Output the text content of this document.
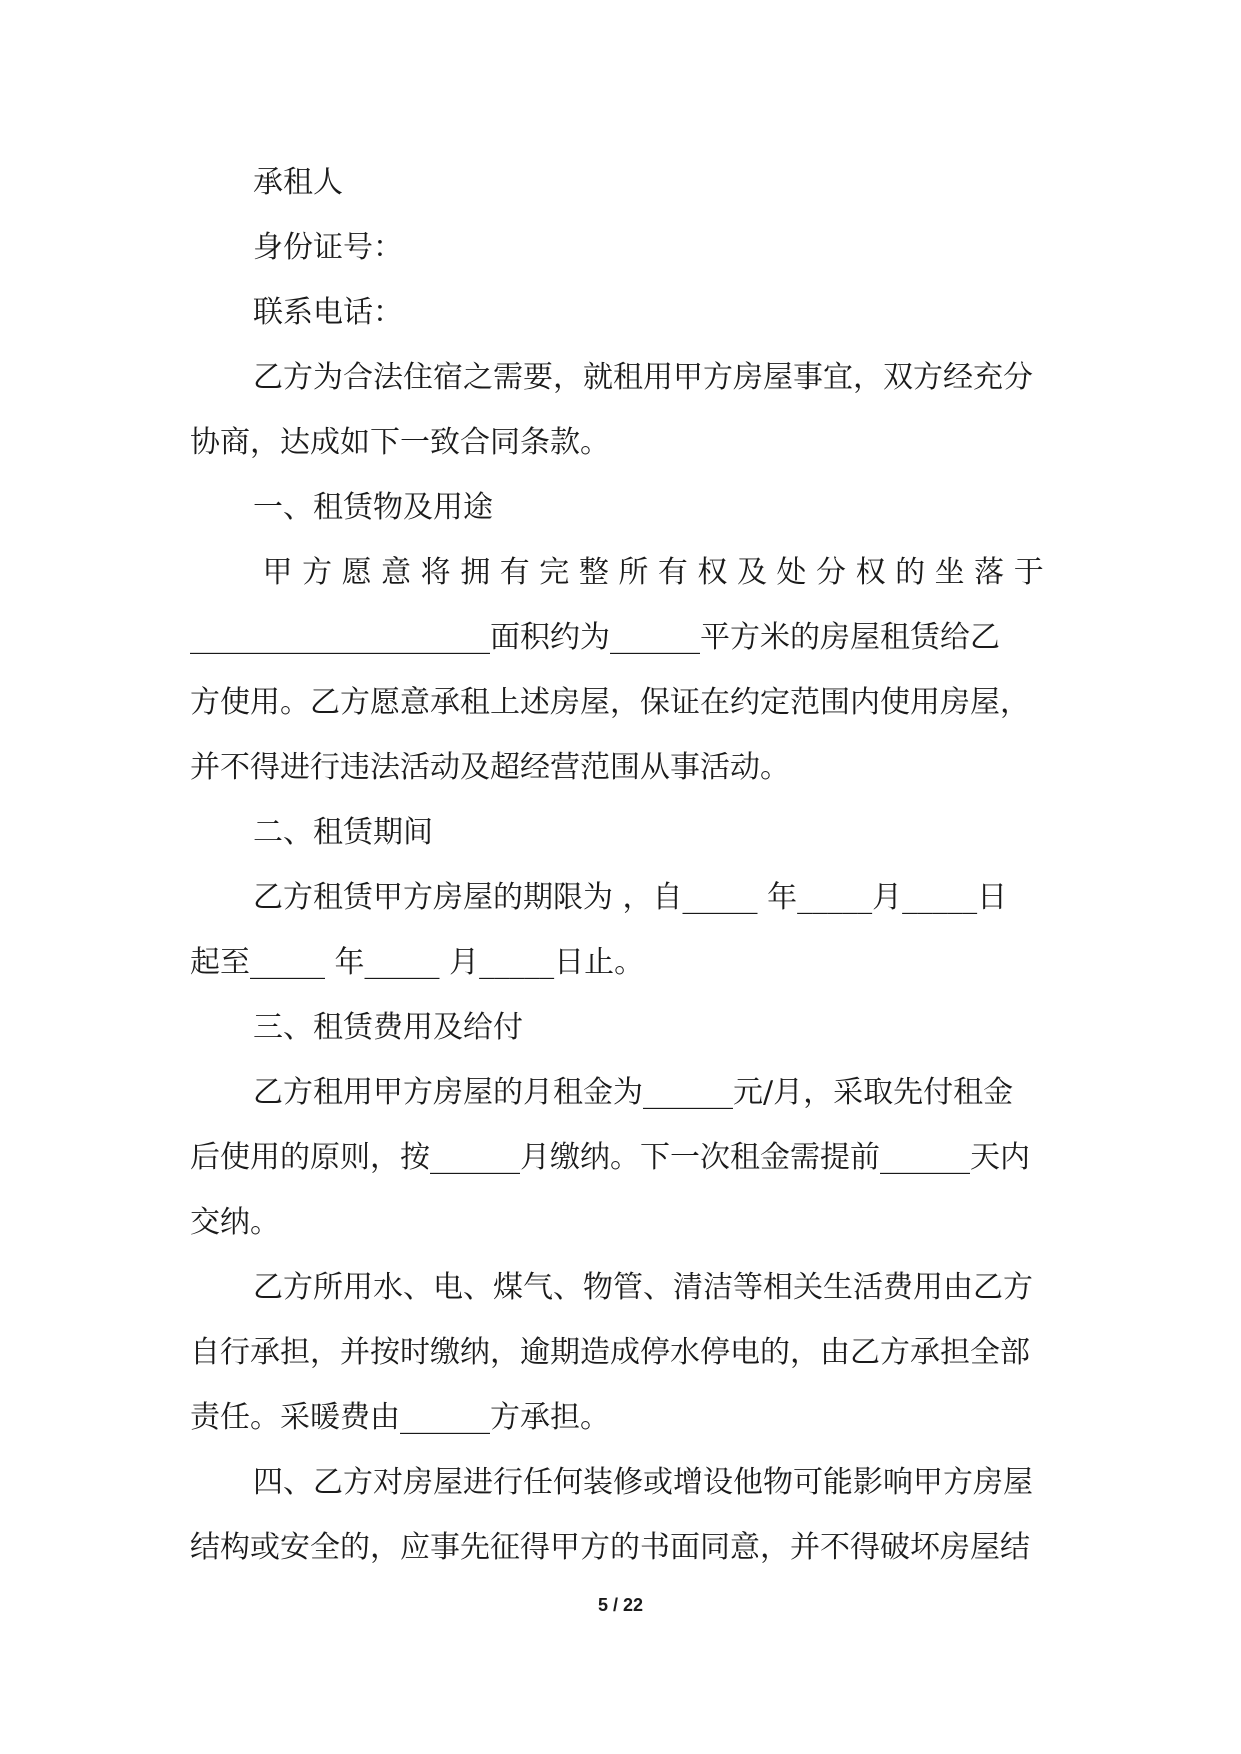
承租人

身份证号：

联系电话：

乙方为合法住宿之需要，就租用甲方房屋事宜，双方经充分

协商，达成如下一致合同条款。

一、租赁物及用途

甲 方 愿 意 将 拥 有 完 整 所 有 权 及 处 分 权 的 坐 落 于

____________________面积约为______平方米的房屋租赁给乙

方使用。乙方愿意承租上述房屋，保证在约定范围内使用房屋，

并不得进行违法活动及超经营范围从事活动。

二、租赁期间

乙方租赁甲方房屋的期限为 ，自_____ 年_____月_____日

起至_____ 年_____ 月_____日止。

三、租赁费用及给付

乙方租用甲方房屋的月租金为______元/月，采取先付租金

后使用的原则，按______月缴纳。下一次租金需提前______天内

交纳。

乙方所用水、电、煤气、物管、清洁等相关生活费用由乙方

自行承担，并按时缴纳，逾期造成停水停电的，由乙方承担全部

责任。采暖费由______方承担。

四、乙方对房屋进行任何装修或增设他物可能影响甲方房屋

结构或安全的，应事先征得甲方的书面同意，并不得破坏房屋结

5 / 22
